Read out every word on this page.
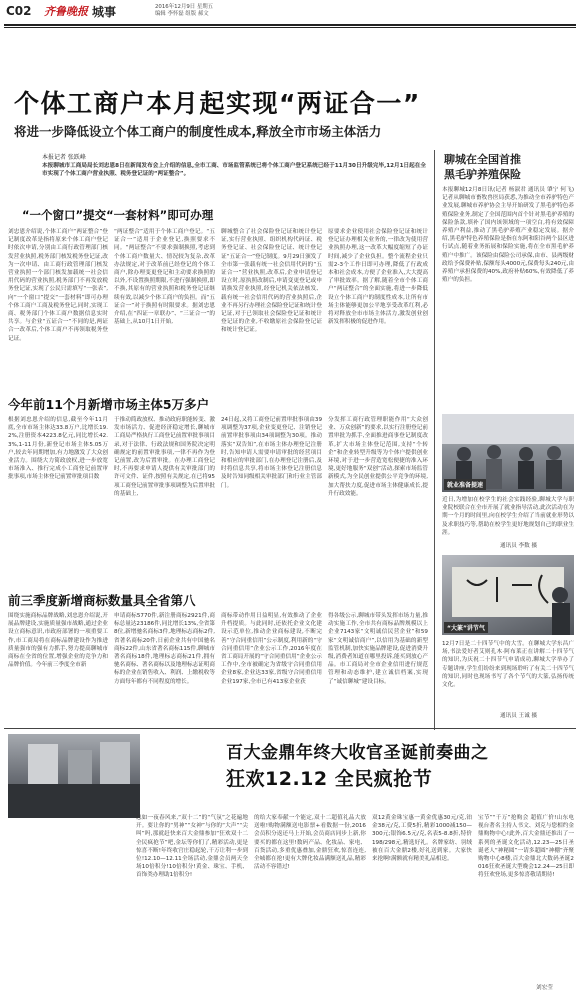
C02 齐鲁晚报 城事	2016年12月9日 星期五
编辑 李怀磊 组版 郝文
个体工商户本月起实现“两证合一”
将进一步降低设立个体工商户的制度性成本,释放全市市场主体活力
本报记者 张跃峰
本报聊城市工商局局长刘忠恩8日在新闻发布会上介绍的信息,全市工商、市场监管系统已将个体工商户登记系统已经于11月30日升级完毕,12月1日起在全市实现了个体工商户营业执照、税务登记证的“两证整合”。
“一个窗口”提交“一套材料”即可办理
刘忠恩介绍说,个体工商户“两证整合”登记制度改革是指将原来个体工商户登记时依次申请,分别由工商行政管理部门核发营业执照,税务部门核发税务登记证,改为一次申请、由工商行政管理部门核发营业执照一个部门核发加载统一社会信用代码的营业执照,税务部门不再发放税务登记证,实现了公民只需填写“一张表”,向“一个窗口”提交“一套材料”即可办理个体工商户工商及税务登记,同时,实现工商、税务部门个体工商户数据信息实时共享。与企业“五证合一”不同的是,两证合一改革后,个体工商户不再领取税务登记证。
“两证整合”适用于个体工商户登记。“五证合一”适用于企业登记,换照要求不同。“两证整合”不要求强制换照,考虑到个体工商户数量大、情况较为复杂,改革办法规定,对于改革前已经登记的个体工商户,除办理变更登记和主动要求换照的以外,不设置换照期限,不进行强制换照,即不换,其原有的营业执照和税务登记证继续有效,以减少个体工商户的负担。而“五证合一”对于换照有时限要求。据刘忠恩介绍,在“四证一章联办”、“三证合一”的基础上,从10月1日开始,
聊城整合了社会保险登记证和统计登记证,实行营业执照、组织机构代码证、税务登记证、社会保险登记证、统计登记证“五证合一”登记制度。9月29日颁发了全市第一张载有统一社会信用代码的“五证合一”营业执照,改革后,企业申请登记设立时,原执照改制后,申请变更登记或申请换发营业执照,经登记机关依法核发、载有统一社会信用代码的营业执照后,企业不再另行办理社会保险登记证和统计登记证,对于已领取社会保险登记证和统计登记证的企业,不收缴原社会保险登记证和统计登记证。
原要求企业使用社会保险登记证和统计登记证办理相关业务的,一律改为使用营业执照办理,这一改革大幅度缩短了办证时间,减少了企业负担。整个流程企业只需2-3个工作日即可办理,降低了行政成本和社会成本,方便了企业准入,大大提高了审批效率。据了解,随着全市个体工商户“两证整合”的全面实施,将进一步降低设立个体工商户的制度性成本,让所有市场主体能够更加公平地享受改革红利,必将对释放全市市场主体活力,激发创业创新发挥积极的促进作用。
今年前11个月新增市场主体5万多户
根据刘忠恩介绍的信息,截至今年11月底,全市市场主体达33.8万户,比增长19.2%,注册资本4223.8亿元,同比增长42.3%,1-11月份,新登记市场主体5.05万户,较去年同期增加,有力地激发了大众创业活力。围绕大力简政放权,进一步放宽市场准入、推行完成小工商登记前置审批事项,市场主体登记前置审批项目数
于推动简政放权、推动政府职能转变、激发市场活力、促进经济稳定增长,聊城市工商局严格执行工商登记前置审批事项目录,对于法律、行政法规和国务院决定明确规定的前置审批事项,一律不再作为登记前置,改为后置审批。在办理工商登记时,不再要求申请人提供有关审批部门的许可文件、证件,按照有关规定,在已将95项工商登记前置审批事项调整为后置审批的基础上,
24日起,又将工商登记前置审批事项由39项调整为37项,企业变更登记、注销登记前置审批事项由34项调整为30项。推动落实“双告知”,在市场主体办理登记注册时,告知申请人需要申请审批的经营项目和相应的审批部门,在办理登记注册后,及时将信息共享,将市场主体登记注册信息及时告知同级相关审批部门和行业主管部门。
分发挥工商行政管理职能作用“大众创业、万众创新”的要求,以实行注册登记前置审批为抓手,全面推进商事登记制度改革,扩大市场主体登记范围,支持“个转企”和企业转型升级等为个体户提供创业环境,对于进一步营造宽松便捷的准入环境,更好地服务“双创”活动,探索市场监管新模式,为全民创业提供公平竞争的环境,加大帮扶力度,促进市场主体健康成长,提升行政效能。
前三季度新增商标数量具全省第八
围绕实施商标品牌战略,刘忠恩介绍说,开展品牌建设,实施质量强市战略,通过企业设立商标意识,市政府部署的一项重要工作,市工商局将在商标品牌建设作为推进质量强市的强有力抓手,努力提高聊城市商标在全省的位置,增强企业的竞争力和品牌价值。今年前三季度全市新
申请商标5770件,新注册商标2921件,商标总量达23186件,同比增长13%,全省第8位,新增驰名商标3件,地理标志商标2件,省著名商标20件,日前企业共有中国驰名商标22件,山东省著名商标115件,聊城市著名商标18件,地理标志商标21件,拥有驰名商标、著名商标以及地理标志证明商标的企业在销售收入、利润、上缴税收等方面每年都有不同程度的增长。
商标带动作用日益明显,有效推动了企业升档提质。与此同时,还依托企业文化建设示范单位,推动企业商标建设,不断完善“守合同重信用”公示制度,利用新的“守合同重信用”企业公示工作,2016年度在省工商局开展的“守合同重信用”企业公示工作中,全市被确定为省级守合同重信用企业8家,企业达33家,省级守合同重信用企业197家,全市已有413家企业获
得各级公示,聊城市带头发挥市场力量,推动实施工作,全市共有商标品牌规模以上企业7143家“文明诚信民营企业”和59家“文明诚信商户”,以信用为基础的新型监管机制,加快实施品牌建设,促进消费升级,消费者知道在哪里投诉,能买到放心产品。市工商局对全市企业信用进行规范管理和动态维护,建立诚信档案,实现了“诚信聊城”建设目标。
聊城在全国首推
黑毛驴养殖保险
本报聊城12月8日讯(记者 杨淑君 通讯员 肇宁 何飞)记者从聊城市畜牧兽医局获悉,为推动全市养驴特色产业发展,聊城市养驴协会主导开始研发了黑毛驴特色养殖保险业务,制定了全国范围内首个针对黑毛驴养殖的保险条款,填补了国内该领域的一项空白,将有效保障养殖户利益,推动了黑毛驴养殖产业稳定发展。据介绍,黑毛驴特色养殖保险是指在东阿和阳谷两个县区进行试点,随着业务拓展和保险实施,将在全市黑毛驴养殖户中推广。该保险由保险公司承保,由市、县两级财政给予保费补贴,保额每头4000元,保费每头240元,由养殖户承担保费的40%,政府补贴60%,有效降低了养殖户的负担。
就业准备提速
近日,为增加在校学生的社会实践经验,聊城大学与职业院校联合在全市开展了就业指导活动,此次活动在为期一个月的时间里,向在校学生介绍了当前就业形势以及求职技巧等,帮助在校学生更好地规划自己的职业生涯。
通讯员 李数 摄
“大篆”讲节气
12月7日是二十四节气中的大雪。在聊城大学东昌广场,书法爱好者艾则孔木·阿布莱正在讲解二十四节气的知识,为庆祝二十四节气申请成功,聊城大学举办了专题讲座,学生们纷纷来到现场聆听了有关二十四节气的知识,同时也现场书写了各个节气的大篆,弘扬传统文化。
通讯员 王诚 摄
百大金鼎年终大收官圣诞前奏曲之
狂欢12.12 全民疯抢节
忽如一夜春风来,“双十二”的“气氛”之花遍地开。要让你的“男神”“女神”与你的“大声”“尖叫”吗,那就赶快来百大金鼎参加“狂欢双十二 全民疯抢节”吧,金坛等你们了,精彩活动,更是惊喜不断!年终收官庄稳起轮,干万让利一步到位!12.10—12.11全场活动,金鼎会员两天全场10倍积分!10倍积分!黄金、珠宝、手机、首饰类办理助1倍积分!
的给大家奉献一个能定,双十二超值礼品大放送啦!购物满额送电影票+看数据一份,2016会员积分返还马上开始,会员商店同步上新,你要买的都在这里!数码产品、化妆品、家电、百货活动,多重优惠叠加,金鼎狂欢,惊喜连连,全城都在抢!更有大牌化妆品满额送礼品,精彩活动不容错过!
双12黄金珠宝惠一黄金优惠30元/克,铂金38元/克,工费5折,精彩1000减150—300元;银饰6.5元/克,名表5-8.8折,特价198/298元,精选好礼。名牌家纺、羽绒被在百大金鼎2楼,好礼送到家。大家快来抢啊!满额就有精美礼品相送。
宝节”“千万”抢购会 超值广价!山东电视台著名主持人书文、刘克与您相约金鼎购物中心!此外,百大金鼎还推出了一系列的圣诞文化活动,12.23—25日圣诞老人“神秘圆”一请多超圆“神棚”齐聚购物中心8楼,百大金鼎北大数码圣诞2016狂欢圣诞大型晚会12.24—25日即将狂欢登场,更多惊喜敬请期待!
刘宏莹
